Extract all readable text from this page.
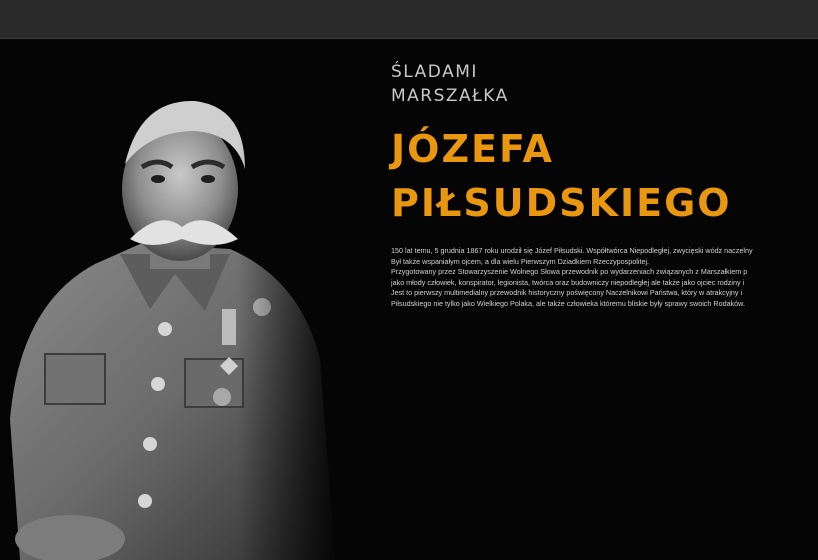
ŚLADAMI
MARSZAŁKA
JÓZEFA
PIŁSUDSKIEGO

150 lat temu, 5 grudnia 1867 roku urodził się Józef Piłsudski. Współtwórca Niepodległej, zwycięski wódz naczelny

Był także wspaniałym ojcem, a dla wielu Pierwszym Dziadkiem Rzeczypospolitej.

Przygotowany przez Stowarzyszenie Wolnego Słowa przewodnik po wydarzeniach związanych z Marszałkiem p

jako młody człowiek, konspirator, legionista, twórca oraz budowniczy niepodległej ale także jako ojciec rodziny i

Jest to pierwszy multimedialny przewodnik historyczny poświęcony Naczelnikowi Państwa, który w atrakcyjny i

Piłsudskiego nie tylko jako Wielkiego Polaka, ale także człowieka któremu bliskie były sprawy swoich Rodaków.
